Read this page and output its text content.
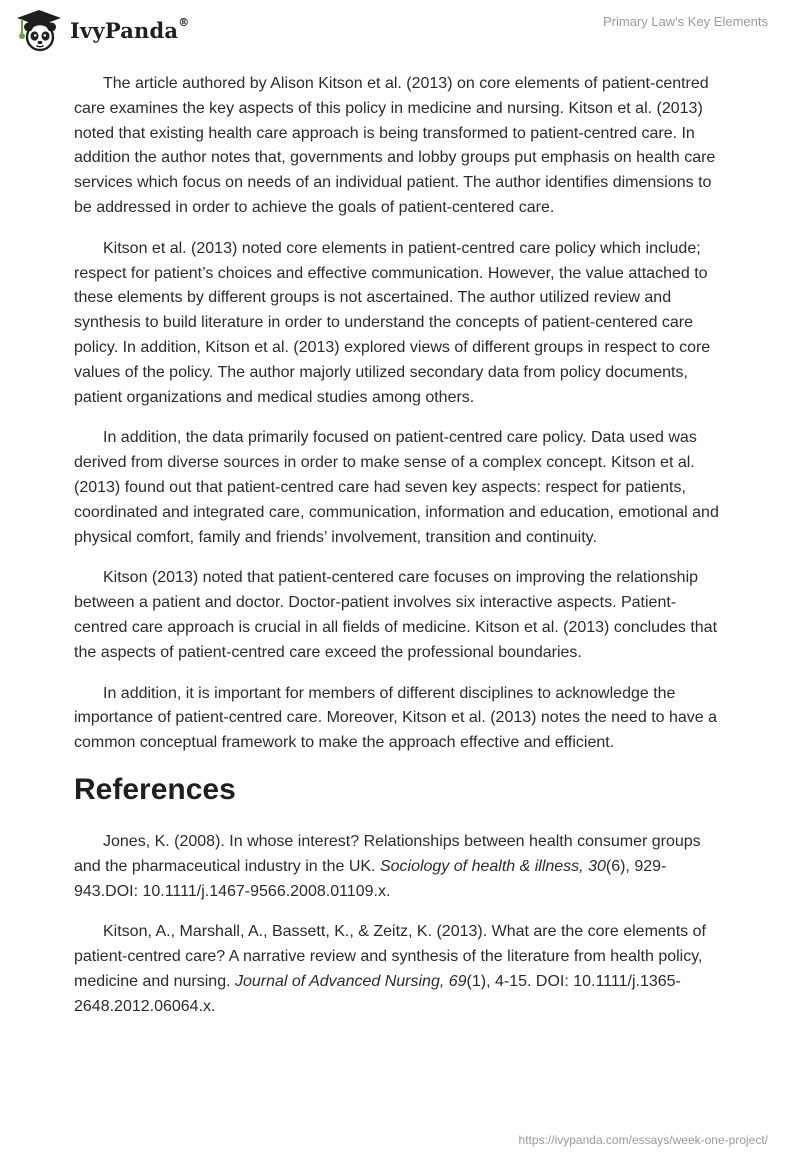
IvyPanda®	Primary Law's Key Elements

The article authored by Alison Kitson et al. (2013) on core elements of patient-centred care examines the key aspects of this policy in medicine and nursing. Kitson et al. (2013) noted that existing health care approach is being transformed to patient-centred care. In addition the author notes that, governments and lobby groups put emphasis on health care services which focus on needs of an individual patient. The author identifies dimensions to be addressed in order to achieve the goals of patient-centered care.

Kitson et al. (2013) noted core elements in patient-centred care policy which include; respect for patient’s choices and effective communication. However, the value attached to these elements by different groups is not ascertained. The author utilized review and synthesis to build literature in order to understand the concepts of patient-centered care policy. In addition, Kitson et al. (2013) explored views of different groups in respect to core values of the policy. The author majorly utilized secondary data from policy documents, patient organizations and medical studies among others.

In addition, the data primarily focused on patient-centred care policy. Data used was derived from diverse sources in order to make sense of a complex concept. Kitson et al. (2013) found out that patient-centred care had seven key aspects: respect for patients, coordinated and integrated care, communication, information and education, emotional and physical comfort, family and friends’ involvement, transition and continuity.

Kitson (2013) noted that patient-centered care focuses on improving the relationship between a patient and doctor. Doctor-patient involves six interactive aspects. Patient-centred care approach is crucial in all fields of medicine. Kitson et al. (2013) concludes that the aspects of patient-centred care exceed the professional boundaries.

In addition, it is important for members of different disciplines to acknowledge the importance of patient-centred care. Moreover, Kitson et al. (2013) notes the need to have a common conceptual framework to make the approach effective and efficient.

References

Jones, K. (2008). In whose interest? Relationships between health consumer groups and the pharmaceutical industry in the UK. Sociology of health & illness, 30(6), 929-943.DOI: 10.1111/j.1467-9566.2008.01109.x.

Kitson, A., Marshall, A., Bassett, K., & Zeitz, K. (2013). What are the core elements of patient-centred care? A narrative review and synthesis of the literature from health policy, medicine and nursing. Journal of Advanced Nursing, 69(1), 4-15. DOI: 10.1111/j.1365-2648.2012.06064.x.

https://ivypanda.com/essays/week-one-project/
